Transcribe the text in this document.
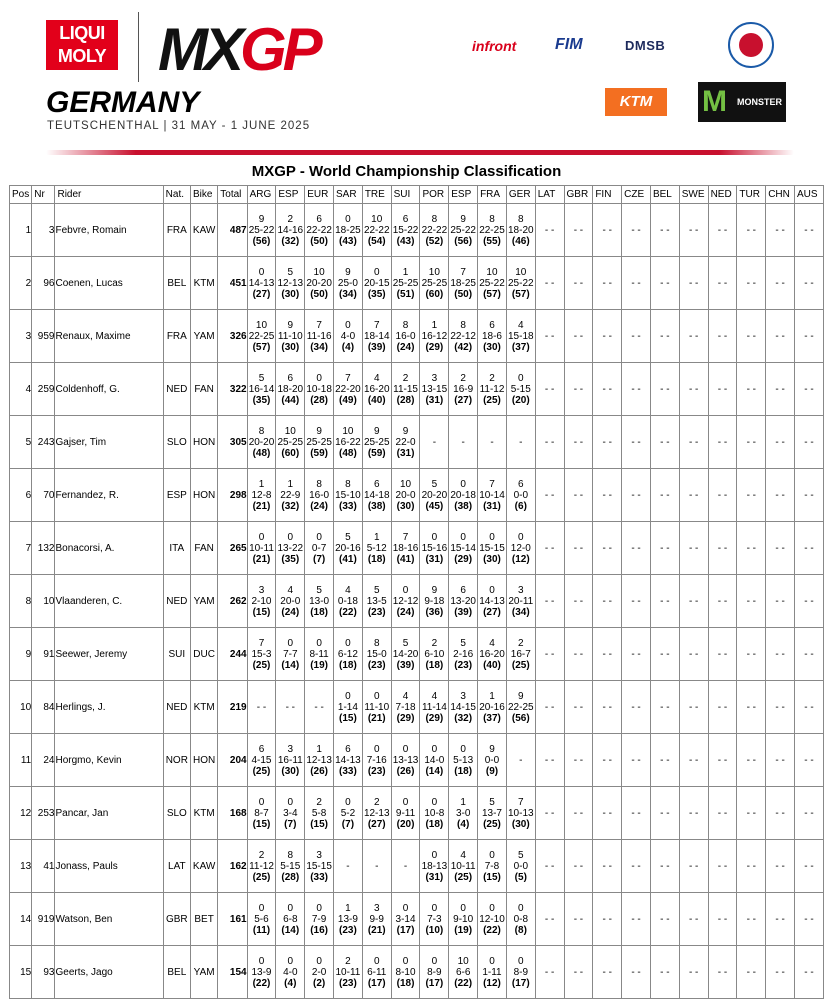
LIQUI
MOLY MXGP
GERMANY
TEUTSCHENTHAL | 31 MAY - 1 JUNE 2025
infront FIM	DMSB
KTM	M MONSTER
MXGP - World Championship Classification
Pos	Nr	Rider	Nat.	Bike	Total	ARG	ESP	EUR	SAR	TRE	SUI	POR	ESP	FRA	GER	LAT	GBR	FIN	CZE	BEL	SWE	NED	TUR	CHN	AUS
1	3	Febvre, Romain	FRA	KAW	487	9
25-22
(56)	2
14-16
(32)	6
22-22
(50)	0
18-25
(43)	10
22-22
(54)	6
15-22
(43)	8
22-22
(52)	9
25-22
(56)	8
22-25
(55)	8
18-20
(46)	- -	- -	- -	- -	- -	- -	- -	- -	- -	- -

2	96	Coenen, Lucas	BEL	KTM	451	0
14-13
(27)	5
12-13
(30)	10
20-20
(50)	9
25-0
(34)	0
20-15
(35)	1
25-25
(51)	10
25-25
(60)	7
18-25
(50)	10
25-22
(57)	10
25-22
(57)	- -	- -	- -	- -	- -	- -	- -	- -	- -	- -

3	959	Renaux, Maxime	FRA	YAM	326	10
22-25
(57)	9
11-10
(30)	7
11-16
(34)	0
4-0
(4)	7
18-14
(39)	8
16-0
(24)	1
16-12
(29)	8
22-12
(42)	6
18-6
(30)	4
15-18
(37)	- -	- -	- -	- -	- -	- -	- -	- -	- -	- -

4	259	Coldenhoff, G.	NED	FAN	322	5
16-14
(35)	6
18-20
(44)	0
10-18
(28)	7
22-20
(49)	4
16-20
(40)	2
11-15
(28)	3
13-15
(31)	2
16-9
(27)	2
11-12
(25)	0
5-15
(20)	- -	- -	- -	- -	- -	- -	- -	- -	- -	- -

5	243	Gajser, Tim	SLO	HON	305	8
20-20
(48)	10
25-25
(60)	9
25-25
(59)	10
16-22
(48)	9
25-25
(59)	9
22-0
(31)	-	-	-	-	- -	- -	- -	- -	- -	- -	- -	- -	- -	- -

6	70	Fernandez, R.	ESP	HON	298	1
12-8
(21)	1
22-9
(32)	8
16-0
(24)	8
15-10
(33)	6
14-18
(38)	10
20-0
(30)	5
20-20
(45)	0
20-18
(38)	7
10-14
(31)	6
0-0
(6)	- -	- -	- -	- -	- -	- -	- -	- -	- -	- -

7	132	Bonacorsi, A.	ITA	FAN	265	0
10-11
(21)	0
13-22
(35)	0
0-7
(7)	5
20-16
(41)	1
5-12
(18)	7
18-16
(41)	0
15-16
(31)	0
15-14
(29)	0
15-15
(30)	0
12-0
(12)	- -	- -	- -	- -	- -	- -	- -	- -	- -	- -

8	10	Vlaanderen, C.	NED	YAM	262	3
2-10
(15)	4
20-0
(24)	5
13-0
(18)	4
0-18
(22)	5
13-5
(23)	0
12-12
(24)	9
9-18
(36)	6
13-20
(39)	0
14-13
(27)	3
20-11
(34)	- -	- -	- -	- -	- -	- -	- -	- -	- -	- -

9	91	Seewer, Jeremy	SUI	DUC	244	7
15-3
(25)	0
7-7
(14)	0
8-11
(19)	0
6-12
(18)	8
15-0
(23)	5
14-20
(39)	2
6-10
(18)	5
2-16
(23)	4
16-20
(40)	2
16-7
(25)	- -	- -	- -	- -	- -	- -	- -	- -	- -	- -

10	84	Herlings, J.	NED	KTM	219	- -	- -	- -	0
1-14
(15)	0
11-10
(21)	4
7-18
(29)	4
11-14
(29)	3
14-15
(32)	1
20-16
(37)	9
22-25
(56)	- -	- -	- -	- -	- -	- -	- -	- -	- -	- -

11	24	Horgmo, Kevin	NOR	HON	204	6
4-15
(25)	3
16-11
(30)	1
12-13
(26)	6
14-13
(33)	0
7-16
(23)	0
13-13
(26)	0
14-0
(14)	0
5-13
(18)	9
0-0
(9)	-	- -	- -	- -	- -	- -	- -	- -	- -	- -	- -

12	253	Pancar, Jan	SLO	KTM	168	0
8-7
(15)	0
3-4
(7)	2
5-8
(15)	0
5-2
(7)	2
12-13
(27)	0
9-11
(20)	0
10-8
(18)	1
3-0
(4)	5
13-7
(25)	7
10-13
(30)	- -	- -	- -	- -	- -	- -	- -	- -	- -	- -

13	41	Jonass, Pauls	LAT	KAW	162	2
11-12
(25)	8
5-15
(28)	3
15-15
(33)	-	-	-	0
18-13
(31)	4
10-11
(25)	0
7-8
(15)	5
0-0
(5)	- -	- -	- -	- -	- -	- -	- -	- -	- -	- -

14	919	Watson, Ben	GBR	BET	161	0
5-6
(11)	0
6-8
(14)	0
7-9
(16)	1
13-9
(23)	3
9-9
(21)	0
3-14
(17)	0
7-3
(10)	0
9-10
(19)	0
12-10
(22)	0
0-8
(8)	- -	- -	- -	- -	- -	- -	- -	- -	- -	- -

15	93	Geerts, Jago	BEL	YAM	154	0
13-9
(22)	0
4-0
(4)	0
2-0
(2)	2
10-11
(23)	0
6-11
(17)	0
8-10
(18)	0
8-9
(17)	10
6-6
(22)	0
1-11
(12)	0
8-9
(17)	- -	- -	- -	- -	- -	- -	- -	- -	- -	- -
